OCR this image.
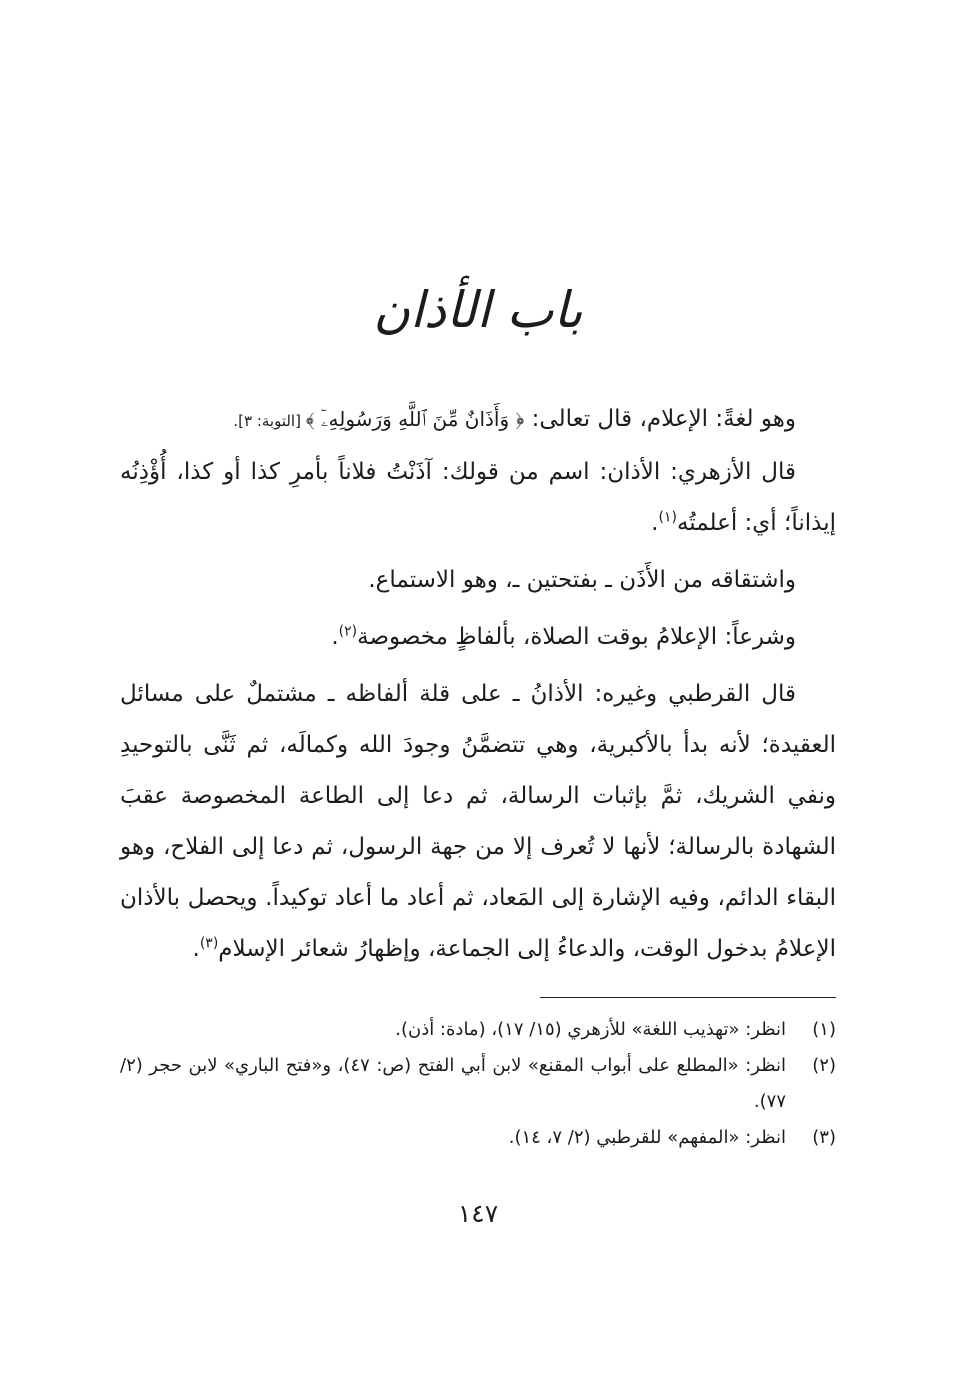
باب الأذان

وهو لغةً: الإعلام، قال تعالى: ﴿ وَأَذَانٌ مِّنَ ٱللَّهِ وَرَسُولِهِۦٓ ﴾ [التوبة: ٣].

قال الأزهري: الأذان: اسم من قولك: آذَنْتُ فلاناً بأمرِ كذا أو كذا، أُؤْذِنُه إيذاناً؛ أي: أعلمتُه$^{(١)}$.

واشتقاقه من الأَذَن ـ بفتحتين ـ، وهو الاستماع.

وشرعاً: الإعلامُ بوقت الصلاة، بألفاظٍ مخصوصة$^{(٢)}$.

قال القرطبي وغيره: الأذانُ ـ على قلة ألفاظه ـ مشتملٌ على مسائل العقيدة؛ لأنه بدأ بالأكبرية، وهي تتضمَّنُ وجودَ الله وكمالَه، ثم ثَنَّى بالتوحيدِ ونفي الشريك، ثمَّ بإثبات الرسالة، ثم دعا إلى الطاعة المخصوصة عقبَ الشهادة بالرسالة؛ لأنها لا تُعرف إلا من جهة الرسول، ثم دعا إلى الفلاح، وهو البقاء الدائم، وفيه الإشارة إلى المَعاد، ثم أعاد ما أعاد توكيداً. ويحصل بالأذان الإعلامُ بدخول الوقت، والدعاءُ إلى الجماعة، وإظهارُ شعائر الإسلام$^{(٣)}$.

(١)
انظر: «تهذيب اللغة» للأزهري (١٥/ ١٧)، (مادة: أذن).
(٢)
انظر: «المطلع على أبواب المقنع» لابن أبي الفتح (ص: ٤٧)، و«فتح الباري» لابن حجر (٢/ ٧٧).
(٣)
انظر: «المفهم» للقرطبي (٢/ ٧، ١٤).
١٤٧
